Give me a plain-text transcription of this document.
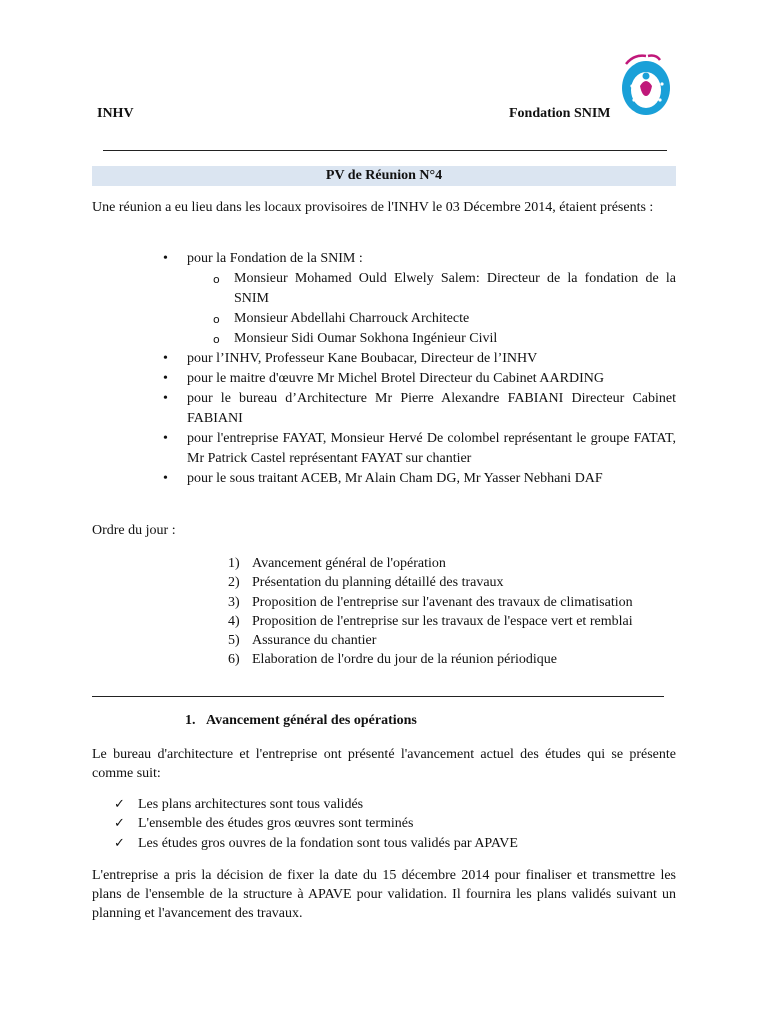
INHV	Fondation SNIM
PV de Réunion N°4
Une réunion a eu lieu dans les locaux provisoires de l'INHV le 03 Décembre 2014, étaient présents :
• pour la Fondation de la SNIM :
o Monsieur Mohamed Ould Elwely Salem: Directeur de la fondation de la SNIM
o Monsieur Abdellahi Charrouck Architecte
o Monsieur Sidi Oumar Sokhona Ingénieur Civil
• pour l’INHV, Professeur Kane Boubacar, Directeur de l’INHV
• pour le maitre d'œuvre Mr Michel Brotel Directeur du Cabinet AARDING
• pour le bureau d’Architecture Mr Pierre Alexandre FABIANI Directeur Cabinet FABIANI
• pour l'entreprise FAYAT, Monsieur Hervé De colombel représentant le groupe FATAT, Mr Patrick Castel représentant FAYAT sur chantier
• pour le sous traitant ACEB, Mr Alain Cham DG, Mr Yasser Nebhani DAF
Ordre du jour :
1) Avancement général de l'opération
2) Présentation du planning détaillé des travaux
3) Proposition de l'entreprise sur l'avenant des travaux de climatisation
4) Proposition de l'entreprise sur les travaux de l'espace vert et remblai
5) Assurance du chantier
6) Elaboration de l'ordre du jour de la réunion périodique
1. Avancement général des opérations
Le bureau d'architecture et l'entreprise ont présenté l'avancement actuel des études qui se présente comme suit:
✓ Les plans architectures sont tous validés
✓ L'ensemble des études gros œuvres sont terminés
✓ Les études gros ouvres de la fondation sont tous validés par APAVE
L'entreprise a pris la décision de fixer la date du 15 décembre 2014 pour finaliser et transmettre les plans de l'ensemble de la structure à APAVE pour validation. Il fournira les plans validés suivant un planning et l'avancement des travaux.
